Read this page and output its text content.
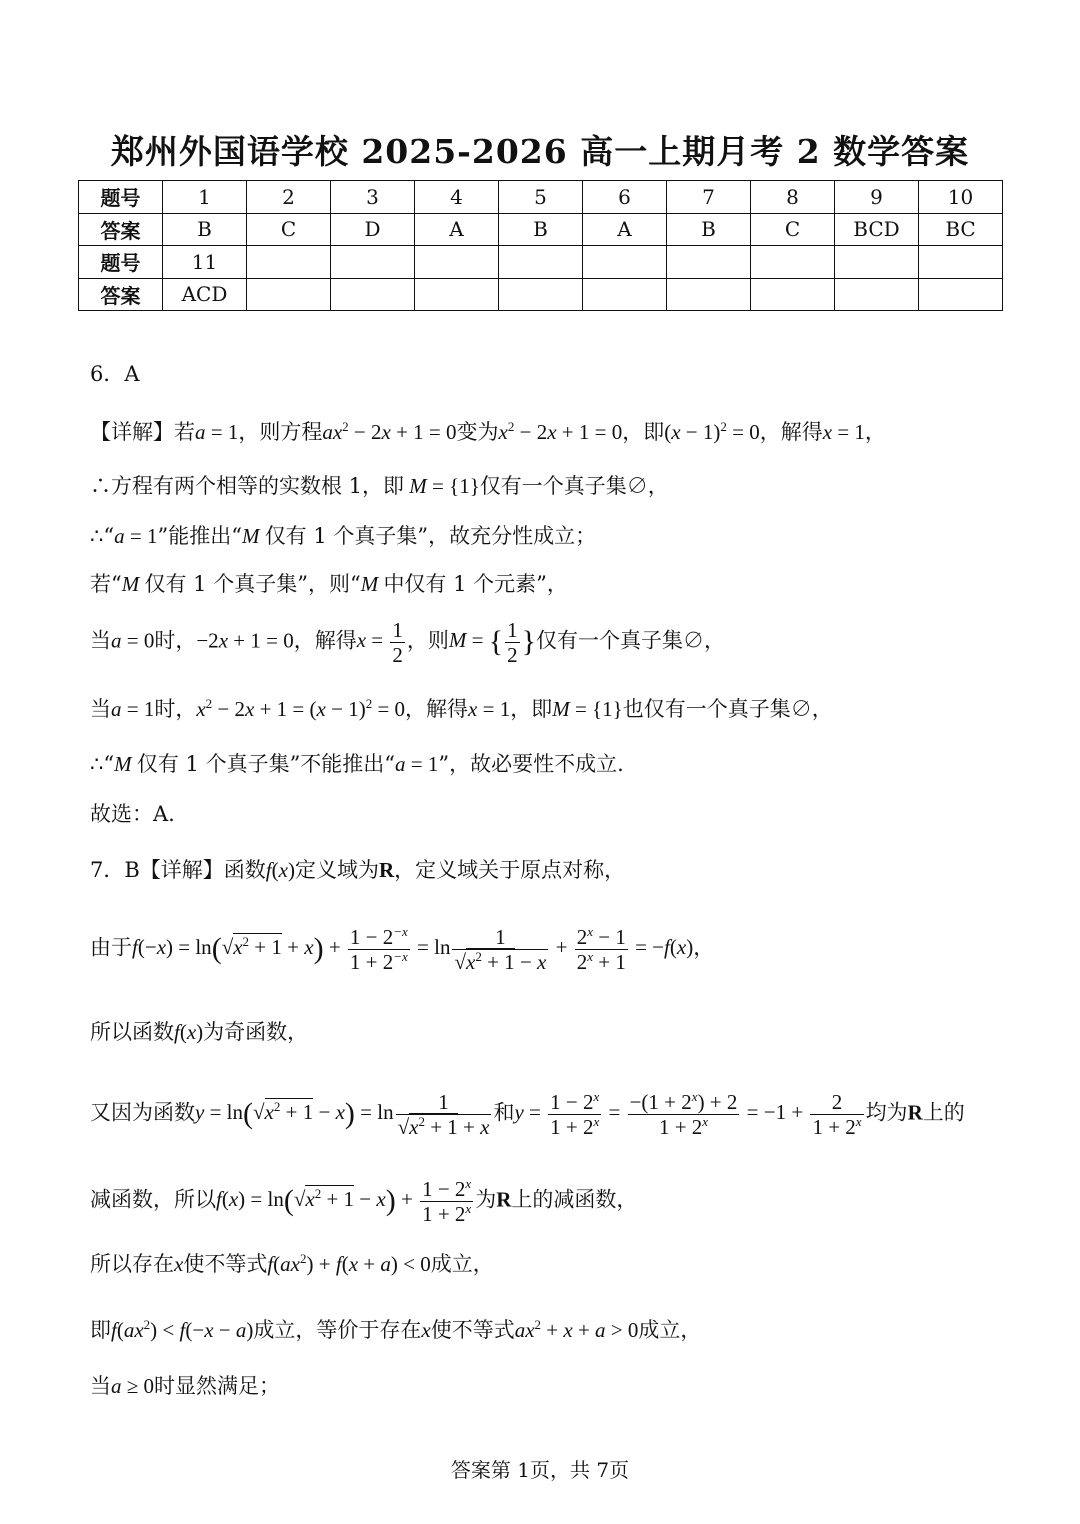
郑州外国语学校 2025-2026 高一上期月考 2 数学答案
题号	1	2	3	4	5	6	7	8	9	10
答案	B	C	D	A	B	A	B	C	BCD	BC
题号	11									
答案	ACD									
6．A
【详解】若a = 1，则方程$ax^2 - 2x + 1 = 0$变为$x^2 - 2x + 1 = 0$，即$(x - 1)^2 = 0$，解得x = 1，
∴方程有两个相等的实数根 1，即 M = {1}仅有一个真子集∅，
∴“a = 1”能推出“M 仅有 1 个真子集”，故充分性成立；
若“M 仅有 1 个真子集”，则“M 中仅有 1 个元素”，
当a = 0时，−2x + 1 = 0，解得$x = \frac{1}{2}$ ，则M = { $\frac{1}{2}$ }仅有一个真子集∅，
当a = 1时，$x^2 - 2x + 1 = (x - 1)^2 = 0$，解得x = 1，即M = {1}也仅有一个真子集∅，
∴“M 仅有 1 个真子集”不能推出“a = 1”，故必要性不成立.
故选：A.
7．B【详解】函数f(x)定义域为R，定义域关于原点对称，
由于$f(-x) = \ln(√x^2 + 1 + x) + \frac{1 - 2^{-x}}{1 + 2^{-x}} = \ln \frac{1}{√x^2 + 1 - x} + \frac{2^x - 1}{2^x + 1} = -f(x)$，
所以函数f(x)为奇函数，
又因为函数$y = \ln(√x^2 + 1 - x) = \ln \frac{1}{√x^2 + 1 + x}$ 和$y = \frac{1 - 2^x}{1 + 2^x} = \frac{-(1 + 2^x) + 2}{1 + 2^x} = -1 + \frac{2}{1 + 2^x}$ 均为R上的
减函数，所以$f(x) = \ln(√x^2 + 1 - x) + \frac{1 - 2^x}{1 + 2^x}$ 为R上的减函数，
所以存在x使不等式$f(ax^2) + f(x + a) < 0$成立，
即$f(ax^2) < f(-x - a)$成立，等价于存在x使不等式$ax^2 + x + a > 0$成立，
当a ≥ 0时显然满足；
答案第 1页，共 7页
